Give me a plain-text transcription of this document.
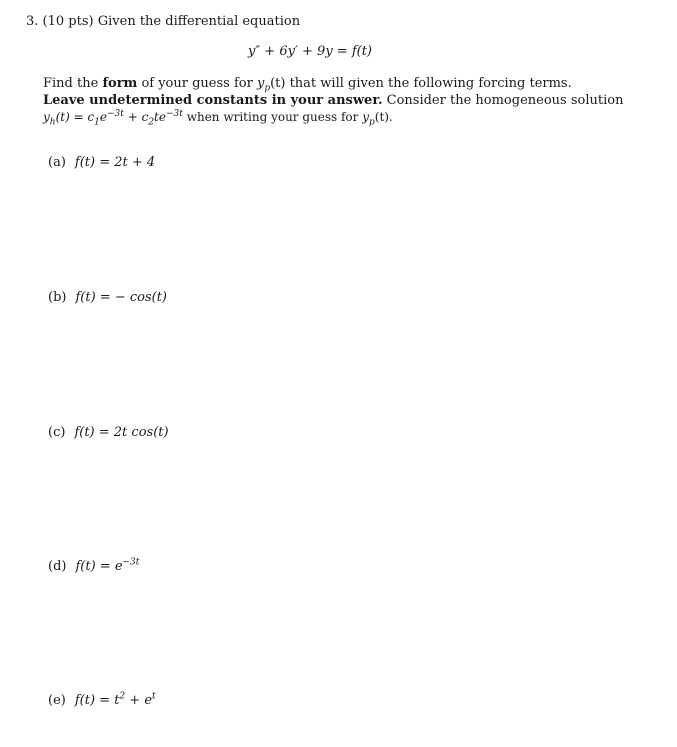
3. (10 pts) Given the differential equation
y″ + 6y′ + 9y = f(t)
Find the form of your guess for $y_p(t)$ that will given the following forcing terms.
Leave undetermined constants in your answer. Consider the homogeneous solution
$y_h(t) = c_1e^{-3t} + c_2te^{-3t}$ when writing your guess for $y_p(t)$.
(a) f(t) = 2t + 4
(b) f(t) = − cos(t)
(c) f(t) = 2t cos(t)
(d) $f(t) = e^{-3t}$
(e) $f(t) = t^2 + e^t$
